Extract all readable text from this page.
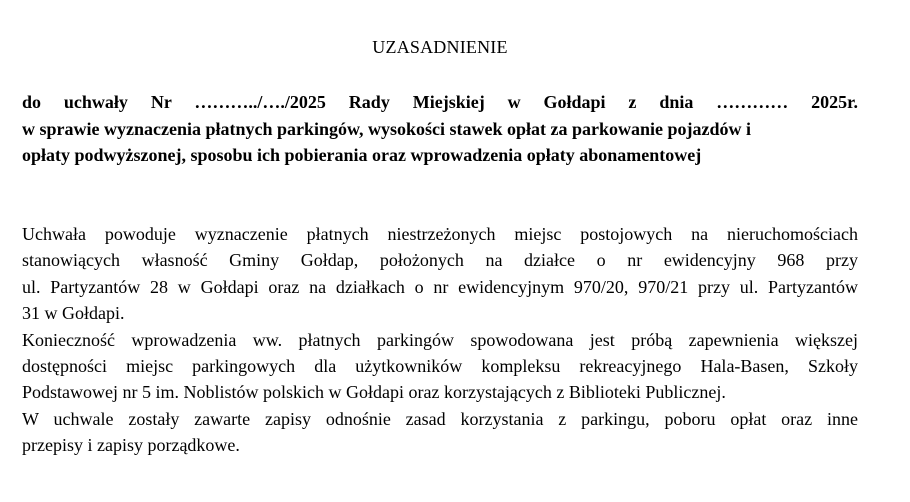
UZASADNIENIE
do uchwały Nr ………../…./2025 Rady Miejskiej w Gołdapi z dnia ………… 2025r.
w sprawie wyznaczenia płatnych parkingów, wysokości stawek opłat za parkowanie pojazdów i
opłaty podwyższonej, sposobu ich pobierania oraz wprowadzenia opłaty abonamentowej
Uchwała powoduje wyznaczenie płatnych niestrzeżonych miejsc postojowych na nieruchomościach
stanowiących własność Gminy Gołdap, położonych na działce o nr ewidencyjny 968 przy
ul. Partyzantów 28 w Gołdapi oraz na działkach o nr ewidencyjnym 970/20, 970/21 przy ul. Partyzantów
31 w Gołdapi.
Konieczność wprowadzenia ww. płatnych parkingów spowodowana jest próbą zapewnienia większej
dostępności miejsc parkingowych dla użytkowników kompleksu rekreacyjnego Hala-Basen, Szkoły
Podstawowej nr 5 im. Noblistów polskich w Gołdapi oraz korzystających z Biblioteki Publicznej.
W uchwale zostały zawarte zapisy odnośnie zasad korzystania z parkingu, poboru opłat oraz inne
przepisy i zapisy porządkowe.
